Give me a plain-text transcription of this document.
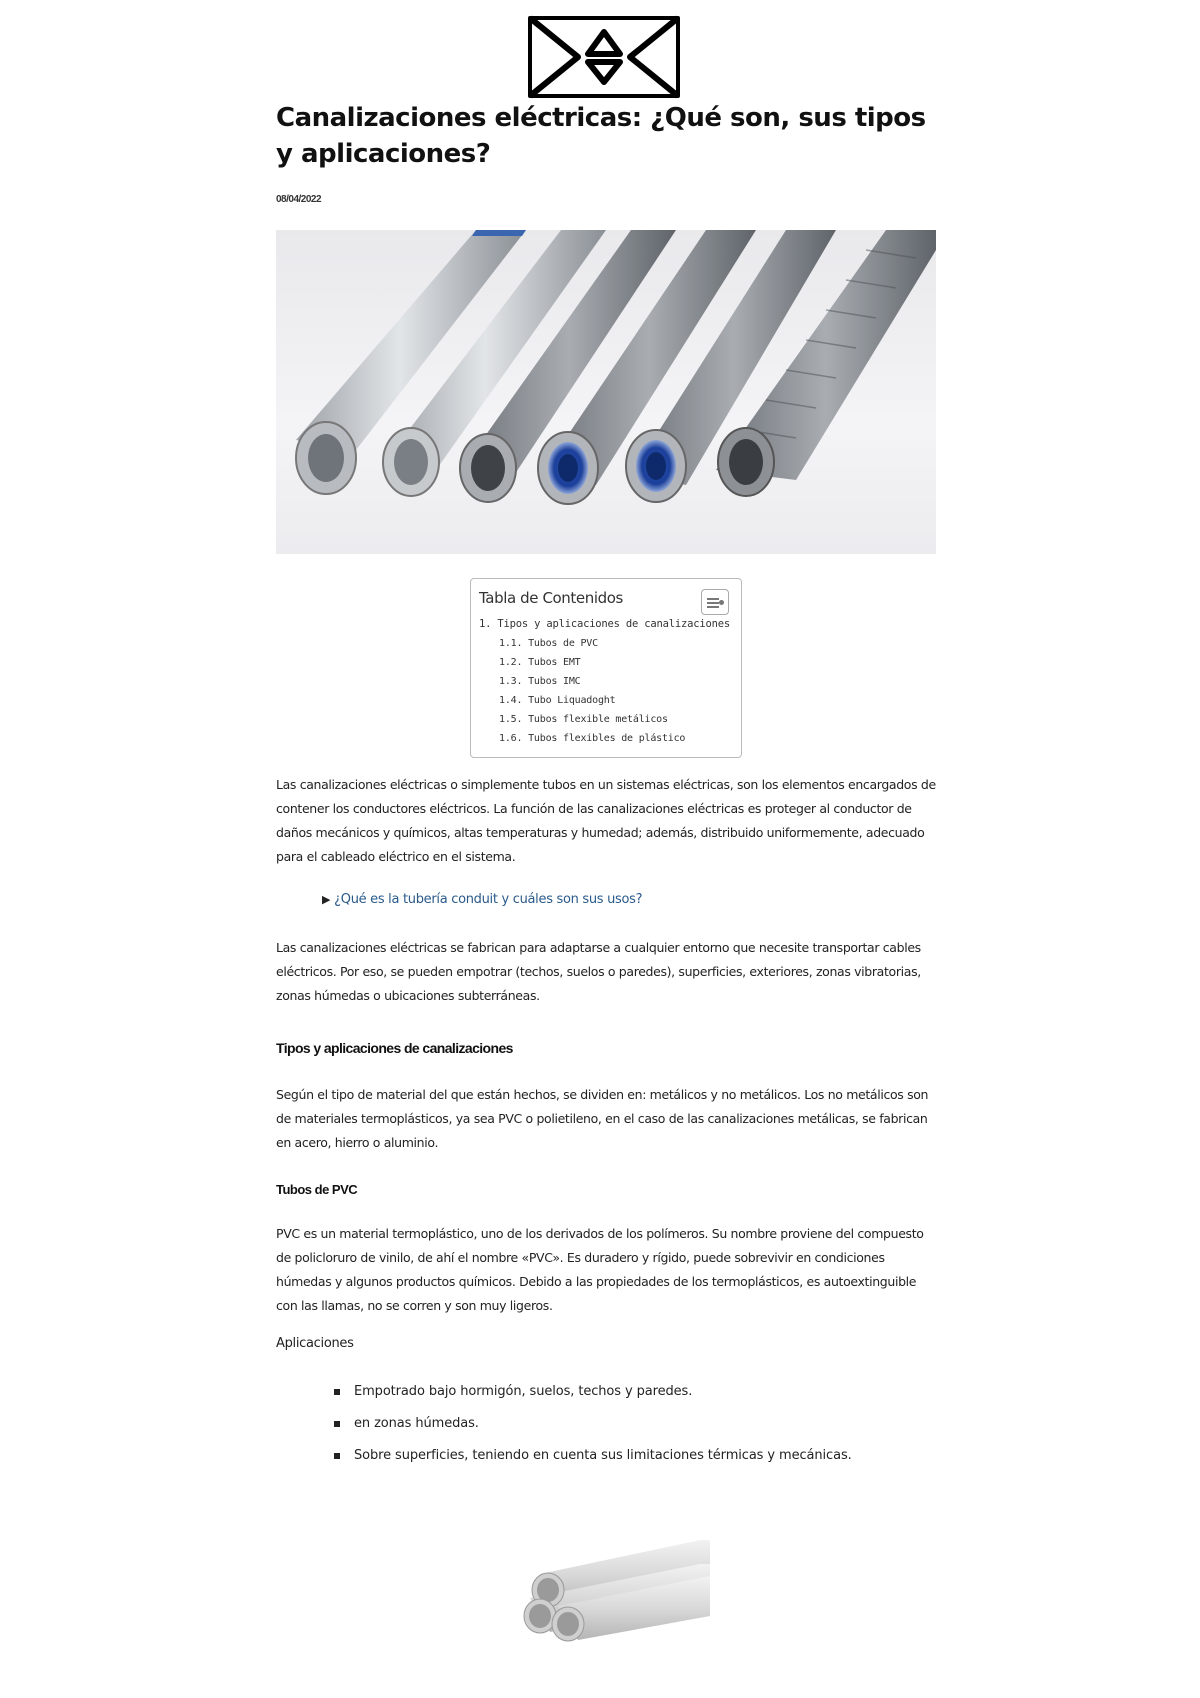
Canalizaciones eléctricas: ¿Qué son, sus tipos y aplicaciones?

08/04/2022

Tabla de Contenidos

1. Tipos y aplicaciones de canalizaciones
1.1. Tubos de PVC
1.2. Tubos EMT
1.3. Tubos IMC
1.4. Tubo Liquadoght
1.5. Tubos flexible metálicos
1.6. Tubos flexibles de plástico

Las canalizaciones eléctricas o simplemente tubos en un sistemas eléctricas, son los elementos encargados de contener los conductores eléctricos. La función de las canalizaciones eléctricas es proteger al conductor de daños mecánicos y químicos, altas temperaturas y humedad; además, distribuido uniformemente, adecuado para el cableado eléctrico en el sistema.

▶ ¿Qué es la tubería conduit y cuáles son sus usos?

Las canalizaciones eléctricas se fabrican para adaptarse a cualquier entorno que necesite transportar cables eléctricos. Por eso, se pueden empotrar (techos, suelos o paredes), superficies, exteriores, zonas vibratorias, zonas húmedas o ubicaciones subterráneas.

Tipos y aplicaciones de canalizaciones

Según el tipo de material del que están hechos, se dividen en: metálicos y no metálicos. Los no metálicos son de materiales termoplásticos, ya sea PVC o polietileno, en el caso de las canalizaciones metálicas, se fabrican en acero, hierro o aluminio.

Tubos de PVC

PVC es un material termoplástico, uno de los derivados de los polímeros. Su nombre proviene del compuesto de policloruro de vinilo, de ahí el nombre «PVC». Es duradero y rígido, puede sobrevivir en condiciones húmedas y algunos productos químicos. Debido a las propiedades de los termoplásticos, es autoextinguible con las llamas, no se corren y son muy ligeros.

Aplicaciones

Empotrado bajo hormigón, suelos, techos y paredes.
en zonas húmedas.
Sobre superficies, teniendo en cuenta sus limitaciones térmicas y mecánicas.
